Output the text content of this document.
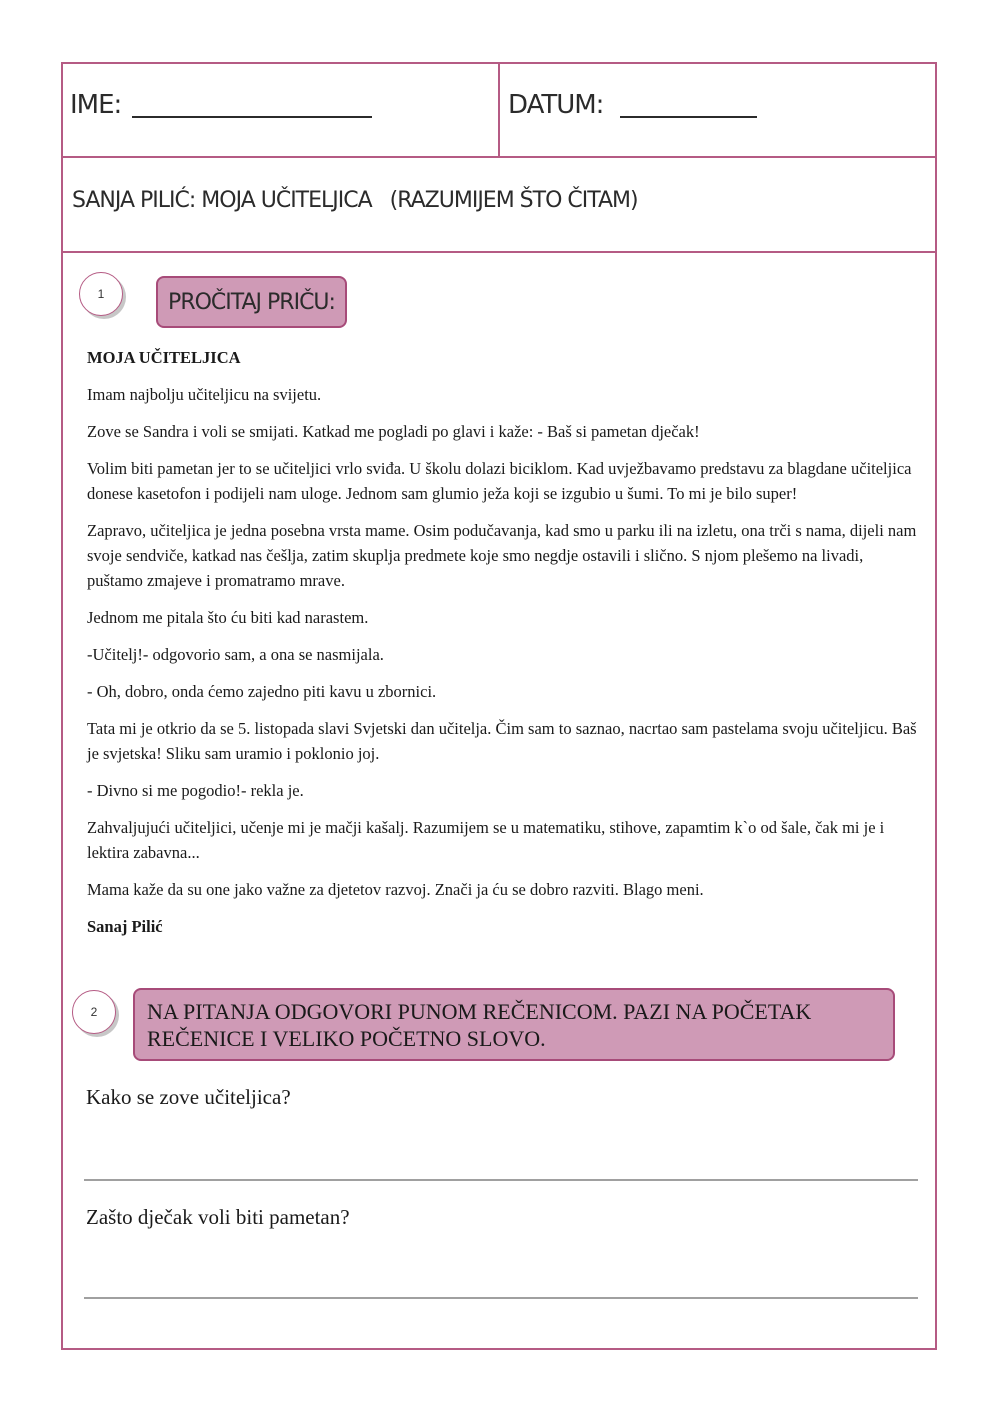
IME:	DATUM:
SANJA PILIĆ: MOJA UČITELJICA   (RAZUMIJEM ŠTO ČITAM)
1	PROČITAJ PRIČU:

MOJA UČITELJICA

Imam najbolju učiteljicu na svijetu.

Zove se Sandra i voli se smijati. Katkad me pogladi po glavi i kaže: - Baš si pametan dječak!

Volim biti pametan jer to se učiteljici vrlo sviđa. U školu dolazi biciklom. Kad uvježbavamo predstavu za blagdane učiteljica donese kasetofon i podijeli nam uloge. Jednom sam glumio ježa koji se izgubio u šumi. To mi je bilo super!

Zapravo, učiteljica je jedna posebna vrsta mame. Osim podučavanja, kad smo u parku ili na izletu, ona trči s nama, dijeli nam svoje sendviče, katkad nas češlja, zatim skuplja predmete koje smo negdje ostavili i slično. S njom plešemo na livadi, puštamo zmajeve i promatramo mrave.

Jednom me pitala što ću biti kad narastem.

-Učitelj!- odgovorio sam, a ona se nasmijala.

- Oh, dobro, onda ćemo zajedno piti kavu u zbornici.

Tata mi je otkrio da se 5. listopada slavi Svjetski dan učitelja. Čim sam to saznao, nacrtao sam pastelama svoju učiteljicu. Baš je svjetska! Sliku sam uramio i poklonio joj.

- Divno si me pogodio!- rekla je.

Zahvaljujući učiteljici, učenje mi je mačji kašalj. Razumijem se u matematiku, stihove, zapamtim k`o od šale, čak mi je i lektira zabavna...

Mama kaže da su one jako važne za djetetov razvoj. Znači ja ću se dobro razviti. Blago meni.

Sanaj Pilić

2	NA PITANJA ODGOVORI PUNOM REČENICOM. PAZI NA POČETAK
REČENICE I VELIKO POČETNO SLOVO.
Kako se zove učiteljica?
Zašto dječak voli biti pametan?
